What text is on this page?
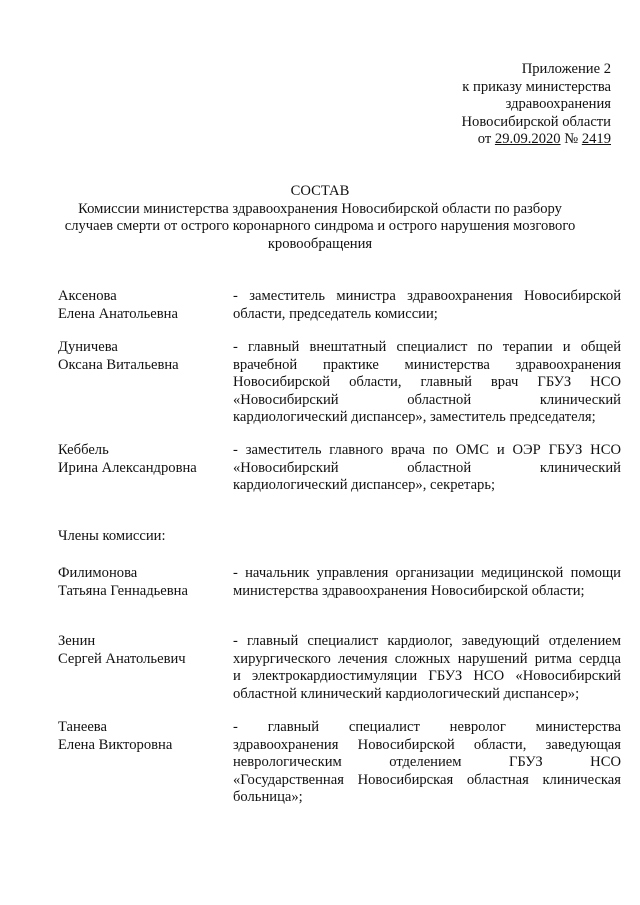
Приложение 2
к приказу министерства
здравоохранения
Новосибирской области
от 29.09.2020 № 2419
СОСТАВ
Комиссии министерства здравоохранения Новосибирской области по разбору
случаев смерти от острого коронарного синдрома и острого нарушения мозгового
кровообращения
Аксенова
Елена Анатольевна
- заместитель министра здравоохранения Новосибирской
области, председатель комиссии;
Дуничева
Оксана Витальевна
- главный внештатный специалист по терапии и общей
врачебной практике министерства здравоохранения
Новосибирской области, главный врач ГБУЗ НСО
«Новосибирский областной клинический
кардиологический диспансер», заместитель председателя;
Кеббель
Ирина Александровна
- заместитель главного врача по ОМС и ОЭР ГБУЗ НСО
«Новосибирский областной клинический
кардиологический диспансер», секретарь;
Члены комиссии:
Филимонова
Татьяна Геннадьевна
- начальник управления организации медицинской помощи
министерства здравоохранения Новосибирской области;
Зенин
Сергей Анатольевич
- главный специалист кардиолог, заведующий отделением
хирургического лечения сложных нарушений ритма сердца
и электрокардиостимуляции ГБУЗ НСО «Новосибирский
областной клинический кардиологический диспансер»;
Танеева
Елена Викторовна
- главный специалист невролог министерства
здравоохранения Новосибирской области, заведующая
неврологическим отделением ГБУЗ НСО
«Государственная Новосибирская областная клиническая
больница»;
